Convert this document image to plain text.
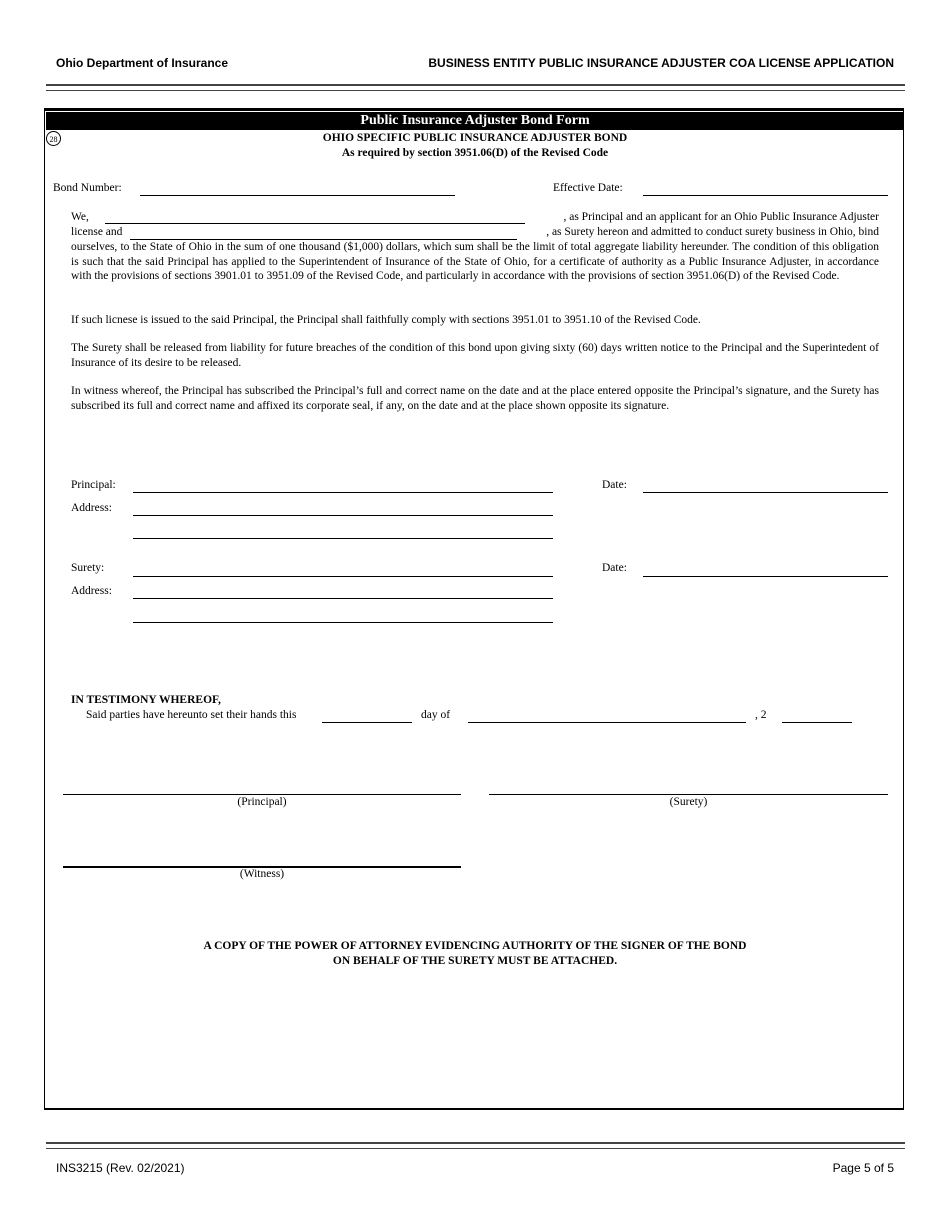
Ohio Department of Insurance	BUSINESS ENTITY PUBLIC INSURANCE ADJUSTER COA LICENSE APPLICATION
Public Insurance Adjuster Bond Form
28	OHIO SPECIFIC PUBLIC INSURANCE ADJUSTER BOND
As required by section 3951.06(D) of the Revised Code
Bond Number:	Effective Date:
We,	, as Principal and an applicant for an Ohio Public Insurance Adjuster
license and	, as Surety hereon and admitted to conduct surety business in Ohio, bind
ourselves, to the State of Ohio in the sum of one thousand ($1,000) dollars, which sum shall be the limit of total aggregate liability hereunder. The condition of this obligation is such that the said Principal has applied to the Superintendent of Insurance of the State of Ohio, for a certificate of authority as a Public Insurance Adjuster, in accordance with the provisions of sections 3901.01 to 3951.09 of the Revised Code, and particularly in accordance with the provisions of section 3951.06(D) of the Revised Code.
If such licnese is issued to the said Principal, the Principal shall faithfully comply with sections 3951.01 to 3951.10 of the Revised Code.
The Surety shall be released from liability for future breaches of the condition of this bond upon giving sixty (60) days written notice to the Principal and the Superintedent of Insurance of its desire to be released.
In witness whereof, the Principal has subscribed the Principal’s full and correct name on the date and at the place entered opposite the Principal’s signature, and the Surety has subscribed its full and correct name and affixed its corporate seal, if any, on the date and at the place shown opposite its signature.
Principal:	Date:
Address:
Surety:	Date:
Address:
IN TESTIMONY WHEREOF,
Said parties have hereunto set their hands this	day of	, 2
(Principal)	(Surety)
(Witness)
A COPY OF THE POWER OF ATTORNEY EVIDENCING AUTHORITY OF THE SIGNER OF THE BOND
ON BEHALF OF THE SURETY MUST BE ATTACHED.
INS3215 (Rev. 02/2021)	Page 5 of 5
